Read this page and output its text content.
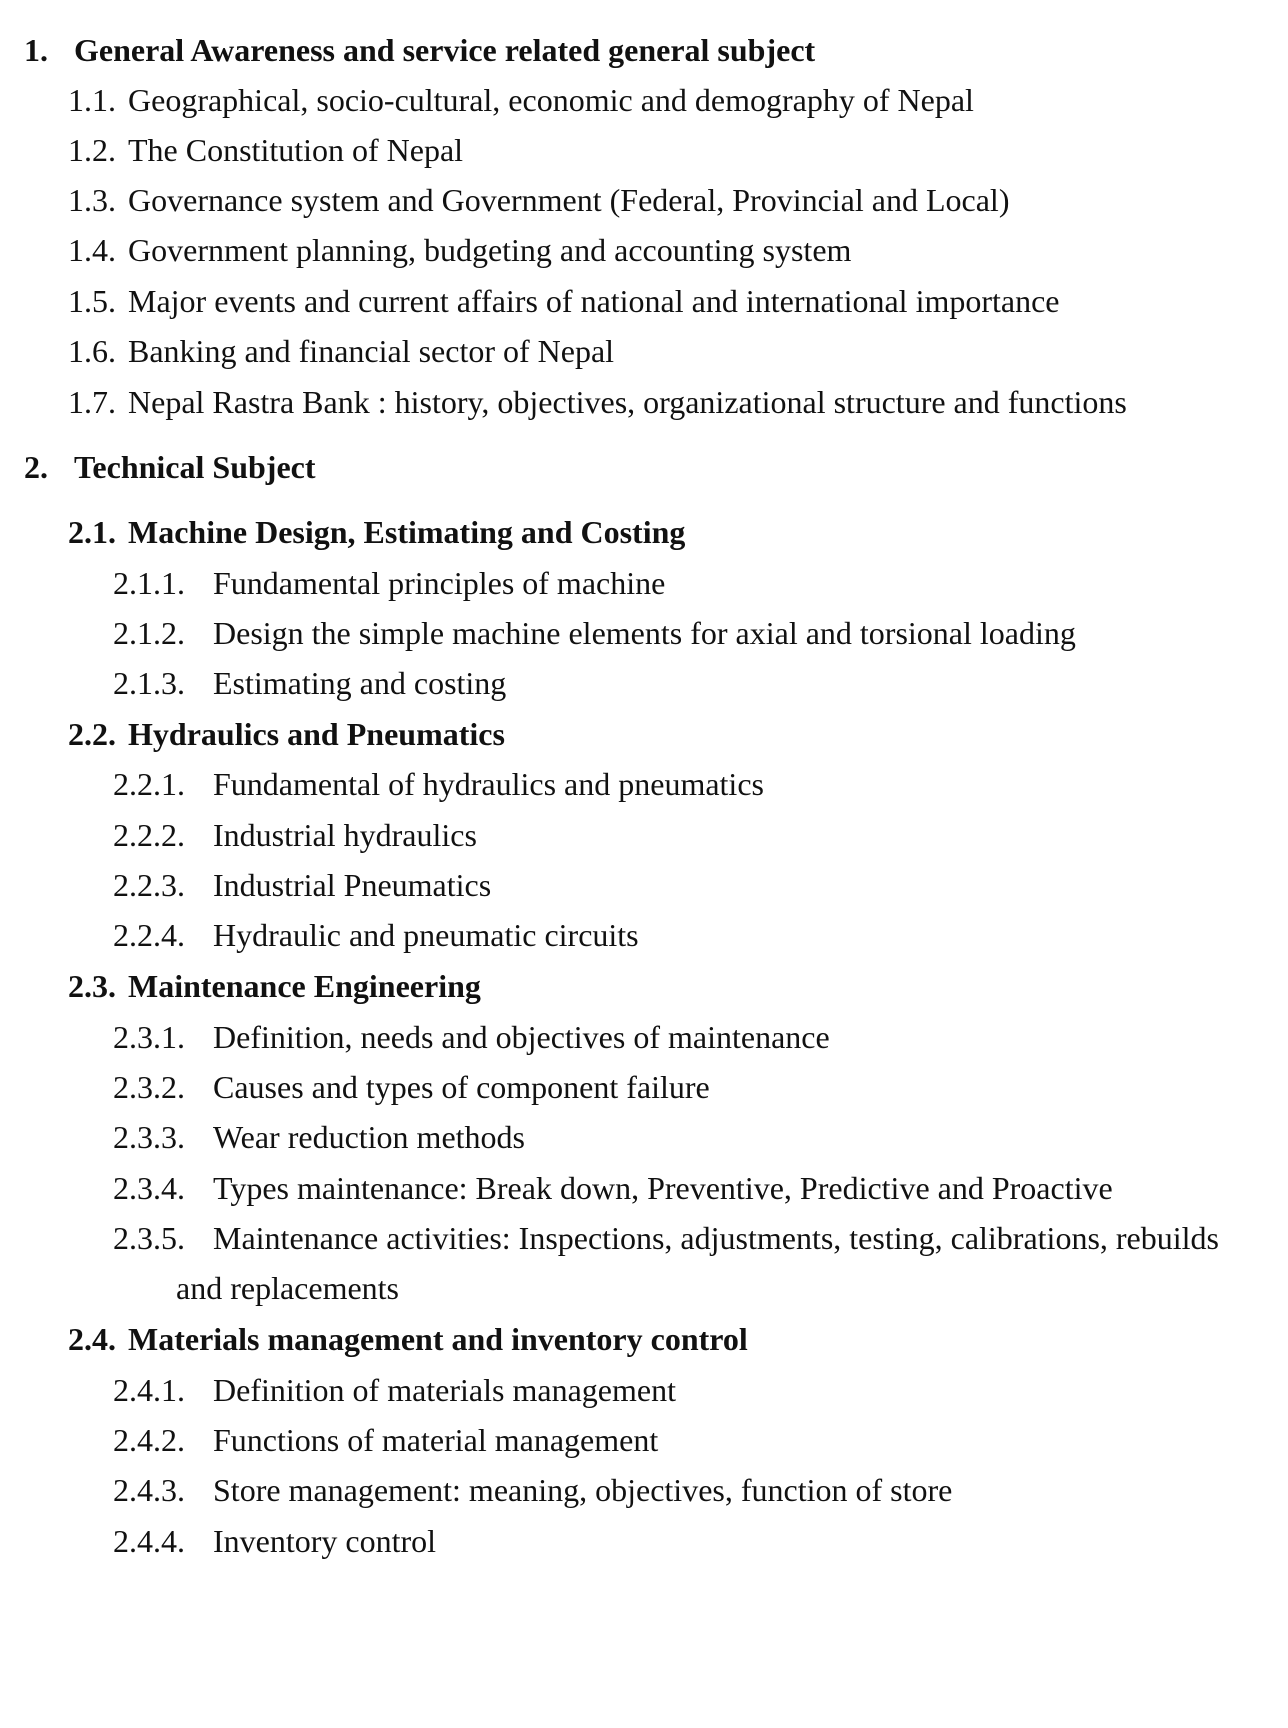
1. General Awareness and service related general subject
1.1. Geographical, socio-cultural, economic and demography of Nepal
1.2. The Constitution of Nepal
1.3. Governance system and Government (Federal, Provincial and Local)
1.4. Government planning, budgeting and accounting system
1.5. Major events and current affairs of national and international importance
1.6. Banking and financial sector of Nepal
1.7. Nepal Rastra Bank : history, objectives, organizational structure and functions
2. Technical Subject
2.1. Machine Design, Estimating and Costing
2.1.1. Fundamental principles of machine
2.1.2. Design the simple machine elements for axial and torsional loading
2.1.3. Estimating and costing
2.2. Hydraulics and Pneumatics
2.2.1. Fundamental of hydraulics and pneumatics
2.2.2. Industrial hydraulics
2.2.3. Industrial Pneumatics
2.2.4. Hydraulic and pneumatic circuits
2.3. Maintenance Engineering
2.3.1. Definition, needs and objectives of maintenance
2.3.2. Causes and types of component failure
2.3.3. Wear reduction methods
2.3.4. Types maintenance: Break down, Preventive, Predictive and Proactive
2.3.5. Maintenance activities: Inspections, adjustments, testing, calibrations, rebuilds
and replacements
2.4. Materials management and inventory control
2.4.1. Definition of materials management
2.4.2. Functions of material management
2.4.3. Store management: meaning, objectives, function of store
2.4.4. Inventory control
